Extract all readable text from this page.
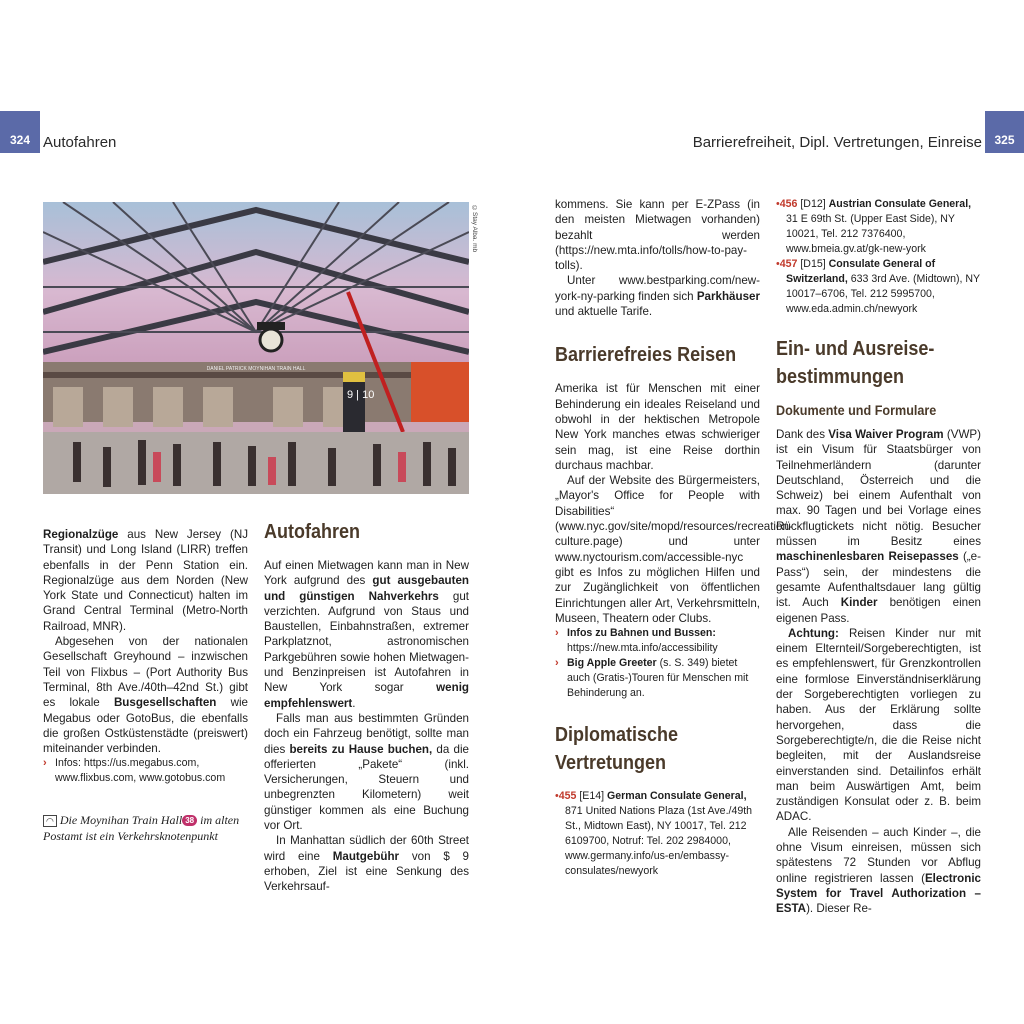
324 Autofahren	Barrierefreiheit, Dipl. Vertretungen, Einreise	325
9 | 10
DANIEL PATRICK MOYNIHAN TRAIN HALL
©Stay Alba. mb

Regionalzüge aus New Jersey (NJ Transit) und Long Island (LIRR) treffen ebenfalls in der Penn Station ein. Regionalzüge aus dem Norden (New York State und Connecticut) halten im Grand Central Terminal (Metro-North Railroad, MNR).

Abgesehen von der nationalen Gesellschaft Greyhound – inzwischen Teil von Flixbus – (Port Authority Bus Terminal, 8th Ave./40th–42nd St.) gibt es lokale Busgesellschaften wie Megabus oder GotoBus, die ebenfalls die großen Ostküstenstädte (preiswert) miteinander verbinden.

› Infos: https://us.megabus.com, www.flixbus.com, www.gotobus.com
◠ Die Moynihan Train Hall 38 im alten Postamt ist ein Verkehrsknotenpunkt
Autofahren

Auf einen Mietwagen kann man in New York aufgrund des gut ausgebauten und günstigen Nahverkehrs gut verzichten. Aufgrund von Staus und Baustellen, Einbahnstraßen, extremer Parkplatznot, astronomischen Parkgebühren sowie hohen Mietwagen- und Benzinpreisen ist Autofahren in New York sogar wenig empfehlenswert.

Falls man aus bestimmten Gründen doch ein Fahrzeug benötigt, sollte man dies bereits zu Hause buchen, da die offerierten „Pakete“ (inkl. Versicherungen, Steuern und unbegrenzten Kilometern) weit günstiger kommen als eine Buchung vor Ort.

In Manhattan südlich der 60th Street wird eine Mautgebühr von $ 9 erhoben, Ziel ist eine Senkung des Verkehrsauf-

kommens. Sie kann per E-ZPass (in den meisten Mietwagen vorhanden) bezahlt werden (https://new.mta.info/tolls/how-to-pay-tolls).

Unter www.bestparking.com/new-york-ny-parking finden sich Parkhäuser und aktuelle Tarife.

Barrierefreies Reisen

Amerika ist für Menschen mit einer Behinderung ein ideales Reiseland und obwohl in der hektischen Metropole New York manches etwas schwieriger sein mag, ist eine Reise dorthin durchaus machbar.

Auf der Website des Bürgermeisters, „Mayor's Office for People with Disabilities“ (www.nyc.gov/site/mopd/resources/recreation-culture.page) und unter www.nyctourism.com/accessible-nyc gibt es Infos zu möglichen Hilfen und zur Zugänglichkeit von öffentlichen Einrichtungen aller Art, Verkehrsmitteln, Museen, Theatern oder Clubs.

› Infos zu Bahnen und Bussen: https://new.mta.info/accessibility
› Big Apple Greeter (s. S. 349) bietet auch (Gratis-)Touren für Menschen mit Behinderung an.
Diplomatische
Vertretungen
•455 [E14] German Consulate General, 871 United Nations Plaza (1st Ave./49th St., Midtown East), NY 10017, Tel. 212 6109700, Notruf: Tel. 202 2984000, www.germany.info/us-en/embassy-consulates/newyork
•456 [D12] Austrian Consulate General, 31 E 69th St. (Upper East Side), NY 10021, Tel. 212 7376400, www.bmeia.gv.at/gk-new-york
•457 [D15] Consulate General of Switzerland, 633 3rd Ave. (Midtown), NY 10017–6706, Tel. 212 5995700, www.eda.admin.ch/newyork
Ein- und Ausreise-
bestimmungen
Dokumente und Formulare

Dank des Visa Waiver Program (VWP) ist ein Visum für Staatsbürger von Teilnehmerländern (darunter Deutschland, Österreich und die Schweiz) bei einem Aufenthalt von max. 90 Tagen und bei Vorlage eines Rückflugtickets nicht nötig. Besucher müssen im Besitz eines maschinenlesbaren Reisepasses („e-Pass“) sein, der mindestens die gesamte Aufenthaltsdauer lang gültig ist. Auch Kinder benötigen einen eigenen Pass.

Achtung: Reisen Kinder nur mit einem Elternteil/Sorgeberechtigten, ist es empfehlenswert, für Grenzkontrollen eine formlose Einverständniserklärung der Sorgeberechtigten vorliegen zu haben. Aus der Erklärung sollte hervorgehen, dass die Sorgeberechtigte/n, die die Reise nicht begleiten, mit der Auslandsreise einverstanden sind. Detailinfos erhält man beim Auswärtigen Amt, beim zuständigen Konsulat oder z. B. beim ADAC.

Alle Reisenden – auch Kinder –, die ohne Visum einreisen, müssen sich spätestens 72 Stunden vor Abflug online registrieren lassen (Electronic System for Travel Authorization – ESTA). Dieser Re-
